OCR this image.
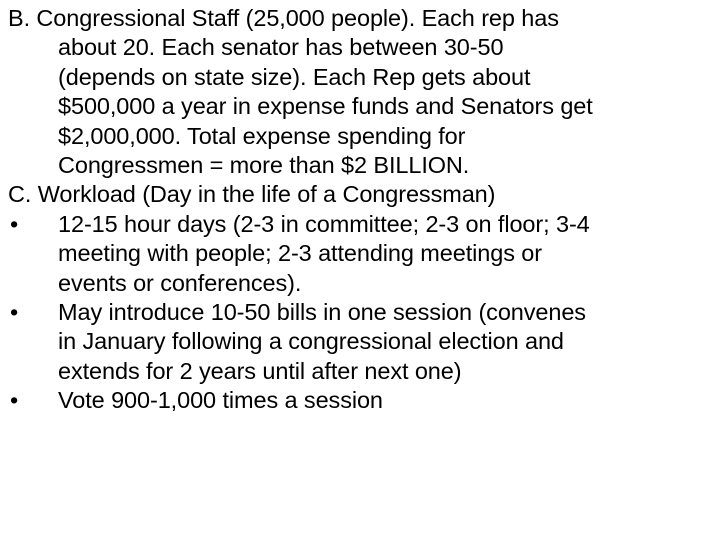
B. Congressional Staff (25,000 people). Each rep has
about 20. Each senator has between 30-50
(depends on state size). Each Rep gets about
$500,000 a year in expense funds and Senators get
$2,000,000. Total expense spending for
Congressmen = more than $2 BILLION.
C. Workload (Day in the life of a Congressman)
• 12-15 hour days (2-3 in committee; 2-3 on floor; 3-4
meeting with people; 2-3 attending meetings or
events or conferences).
• May introduce 10-50 bills in one session (convenes
in January following a congressional election and
extends for 2 years until after next one)
• Vote 900-1,000 times a session
